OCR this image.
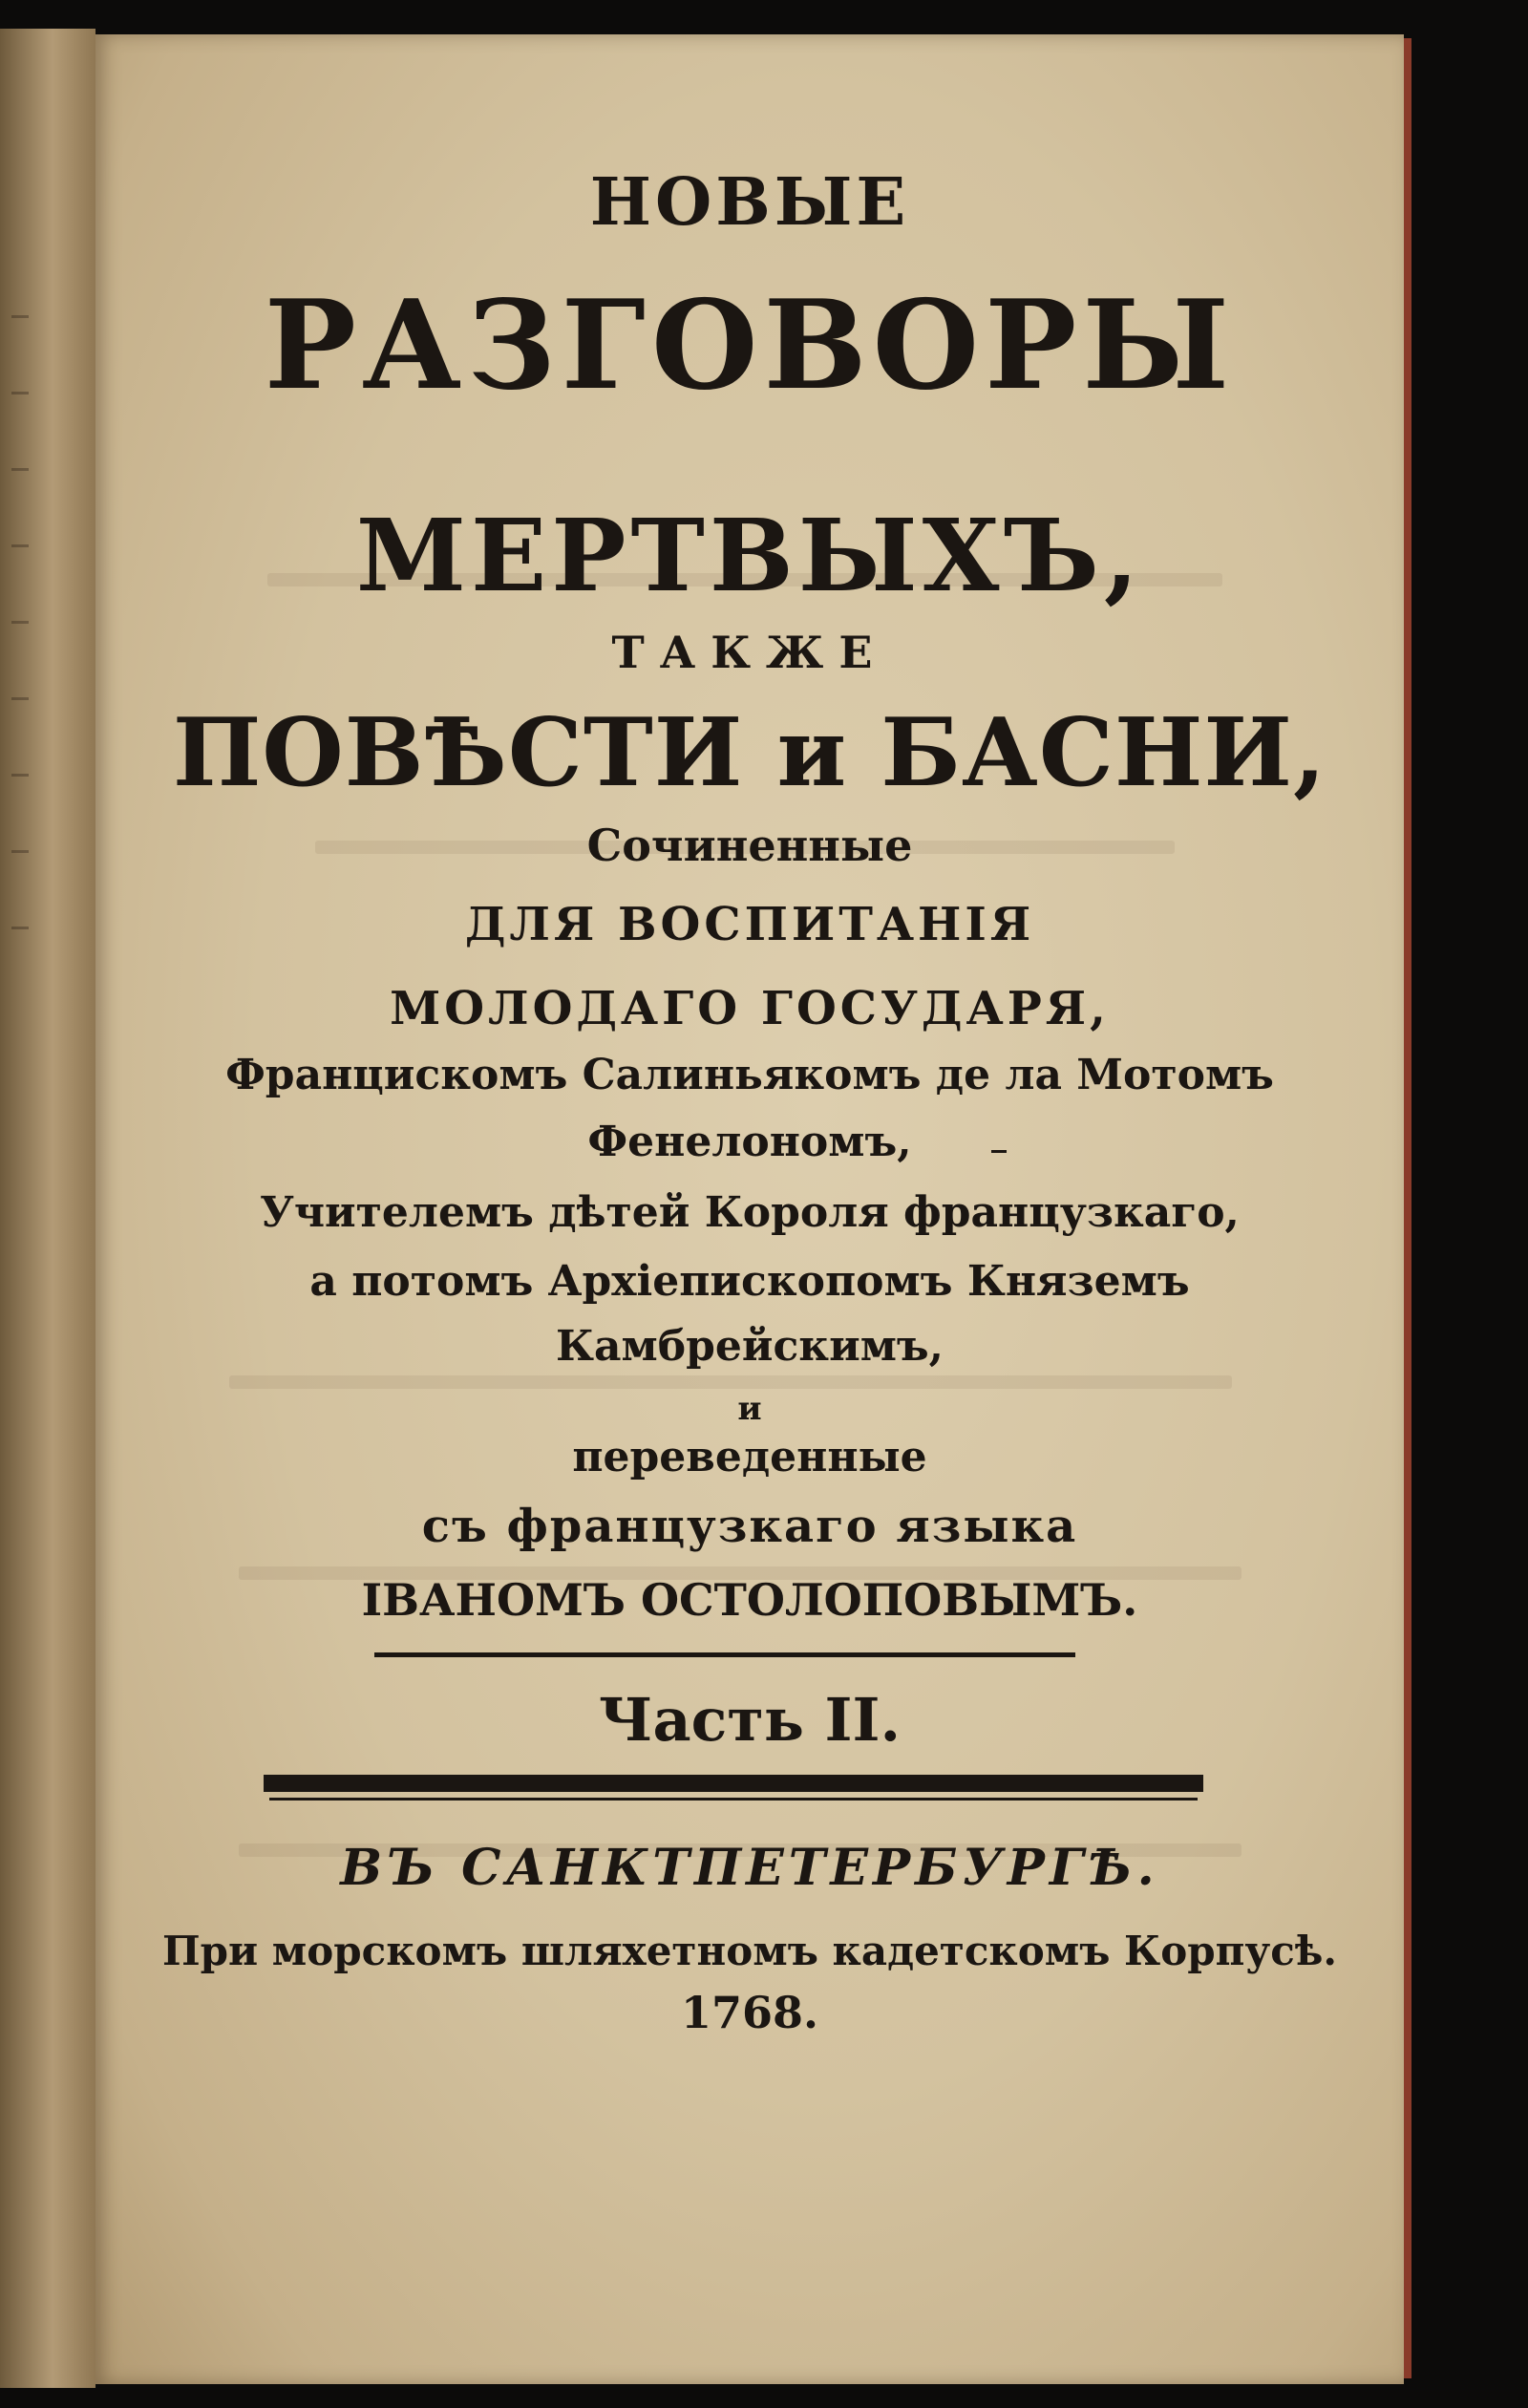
НОВЫЕ

РАЗГОВОРЫ

МЕРТВЫХЪ,

ТАКЖЕ

ПОВѢСТИ и БАСНИ,

Сочиненные

ДЛЯ ВОСПИТАНІЯ

МОЛОДАГО ГОСУДАРЯ,

Францискомъ Салиньякомъ де ла Мотомъ

Фенелономъ,

Учителемъ дѣтей Короля французкаго,

а потомъ Архіепископомъ Княземъ

Камбрейскимъ,

и

переведенные

съ французкаго языка

ІВАНОМЪ ОСТОЛОПОВЫМЪ.

Часть II.

ВЪ САНКТПЕТЕРБУРГѢ.

При морскомъ шляхетномъ кадетскомъ Корпусѣ.

1768.
